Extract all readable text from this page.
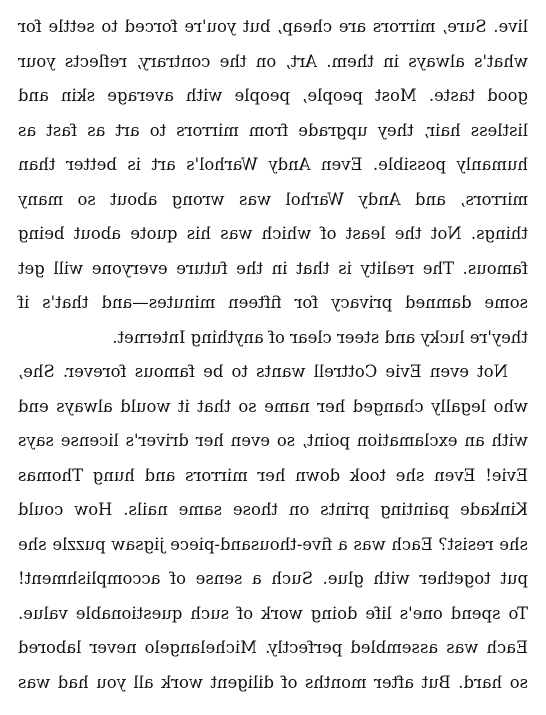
live. Sure, mirrors are cheap, but you're forced to settle for
what's always in them. Art, on the contrary, reflects your
good taste. Most people, people with average skin and
listless hair, they upgrade from mirrors to art as fast as
humanly possible. Even Andy Warhol's art is better than
mirrors, and Andy Warhol was wrong about so many
things. Not the least of which was his quote about being
famous. The reality is that in the future everyone will get
some damned privacy for fifteen minutes—and that's if
they're lucky and steer clear of anything Internet.
Not even Evie Cottrell wants to be famous forever. She,
who legally changed her name so that it would always end
with an exclamation point, so even her driver's license says
Evie! Even she took down her mirrors and hung Thomas
Kinkade painting prints on those same nails. How could
she resist? Each was a five-thousand-piece jigsaw puzzle she
put together with glue. Such a sense of accomplishment!
To spend one's life doing work of such questionable value.
Each was assembled perfectly. Michelangelo never labored
so hard. But after months of diligent work all you had was
